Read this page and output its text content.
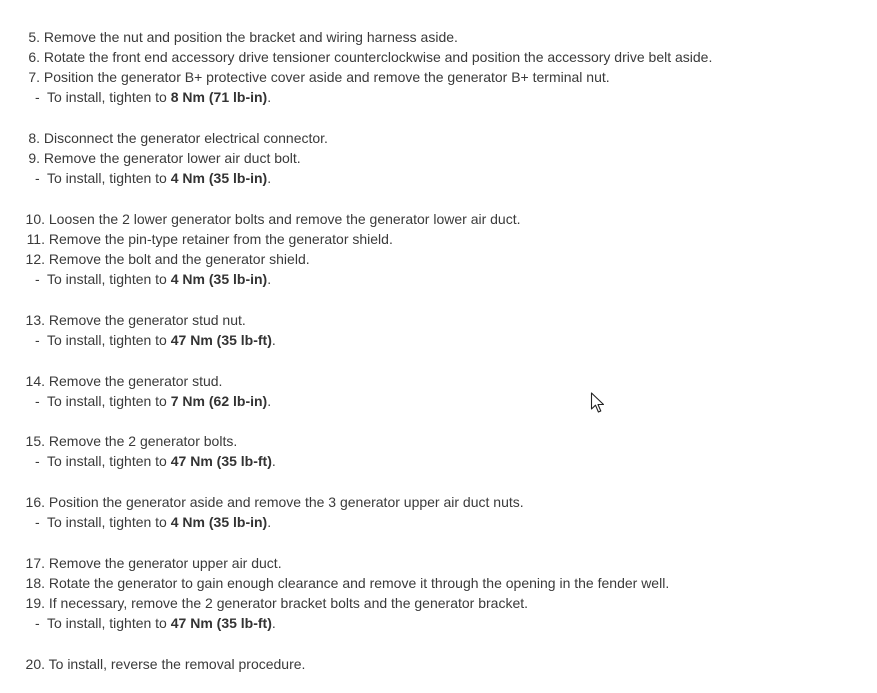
5. Remove the nut and position the bracket and wiring harness aside.
6. Rotate the front end accessory drive tensioner counterclockwise and position the accessory drive belt aside.
7. Position the generator B+ protective cover aside and remove the generator B+ terminal nut.
- To install, tighten to 8 Nm (71 lb-in).
8. Disconnect the generator electrical connector.
9. Remove the generator lower air duct bolt.
- To install, tighten to 4 Nm (35 lb-in).
10. Loosen the 2 lower generator bolts and remove the generator lower air duct.
11. Remove the pin-type retainer from the generator shield.
12. Remove the bolt and the generator shield.
- To install, tighten to 4 Nm (35 lb-in).
13. Remove the generator stud nut.
- To install, tighten to 47 Nm (35 lb-ft).
14. Remove the generator stud.
- To install, tighten to 7 Nm (62 lb-in).
15. Remove the 2 generator bolts.
- To install, tighten to 47 Nm (35 lb-ft).
16. Position the generator aside and remove the 3 generator upper air duct nuts.
- To install, tighten to 4 Nm (35 lb-in).
17. Remove the generator upper air duct.
18. Rotate the generator to gain enough clearance and remove it through the opening in the fender well.
19. If necessary, remove the 2 generator bracket bolts and the generator bracket.
- To install, tighten to 47 Nm (35 lb-ft).
20. To install, reverse the removal procedure.
